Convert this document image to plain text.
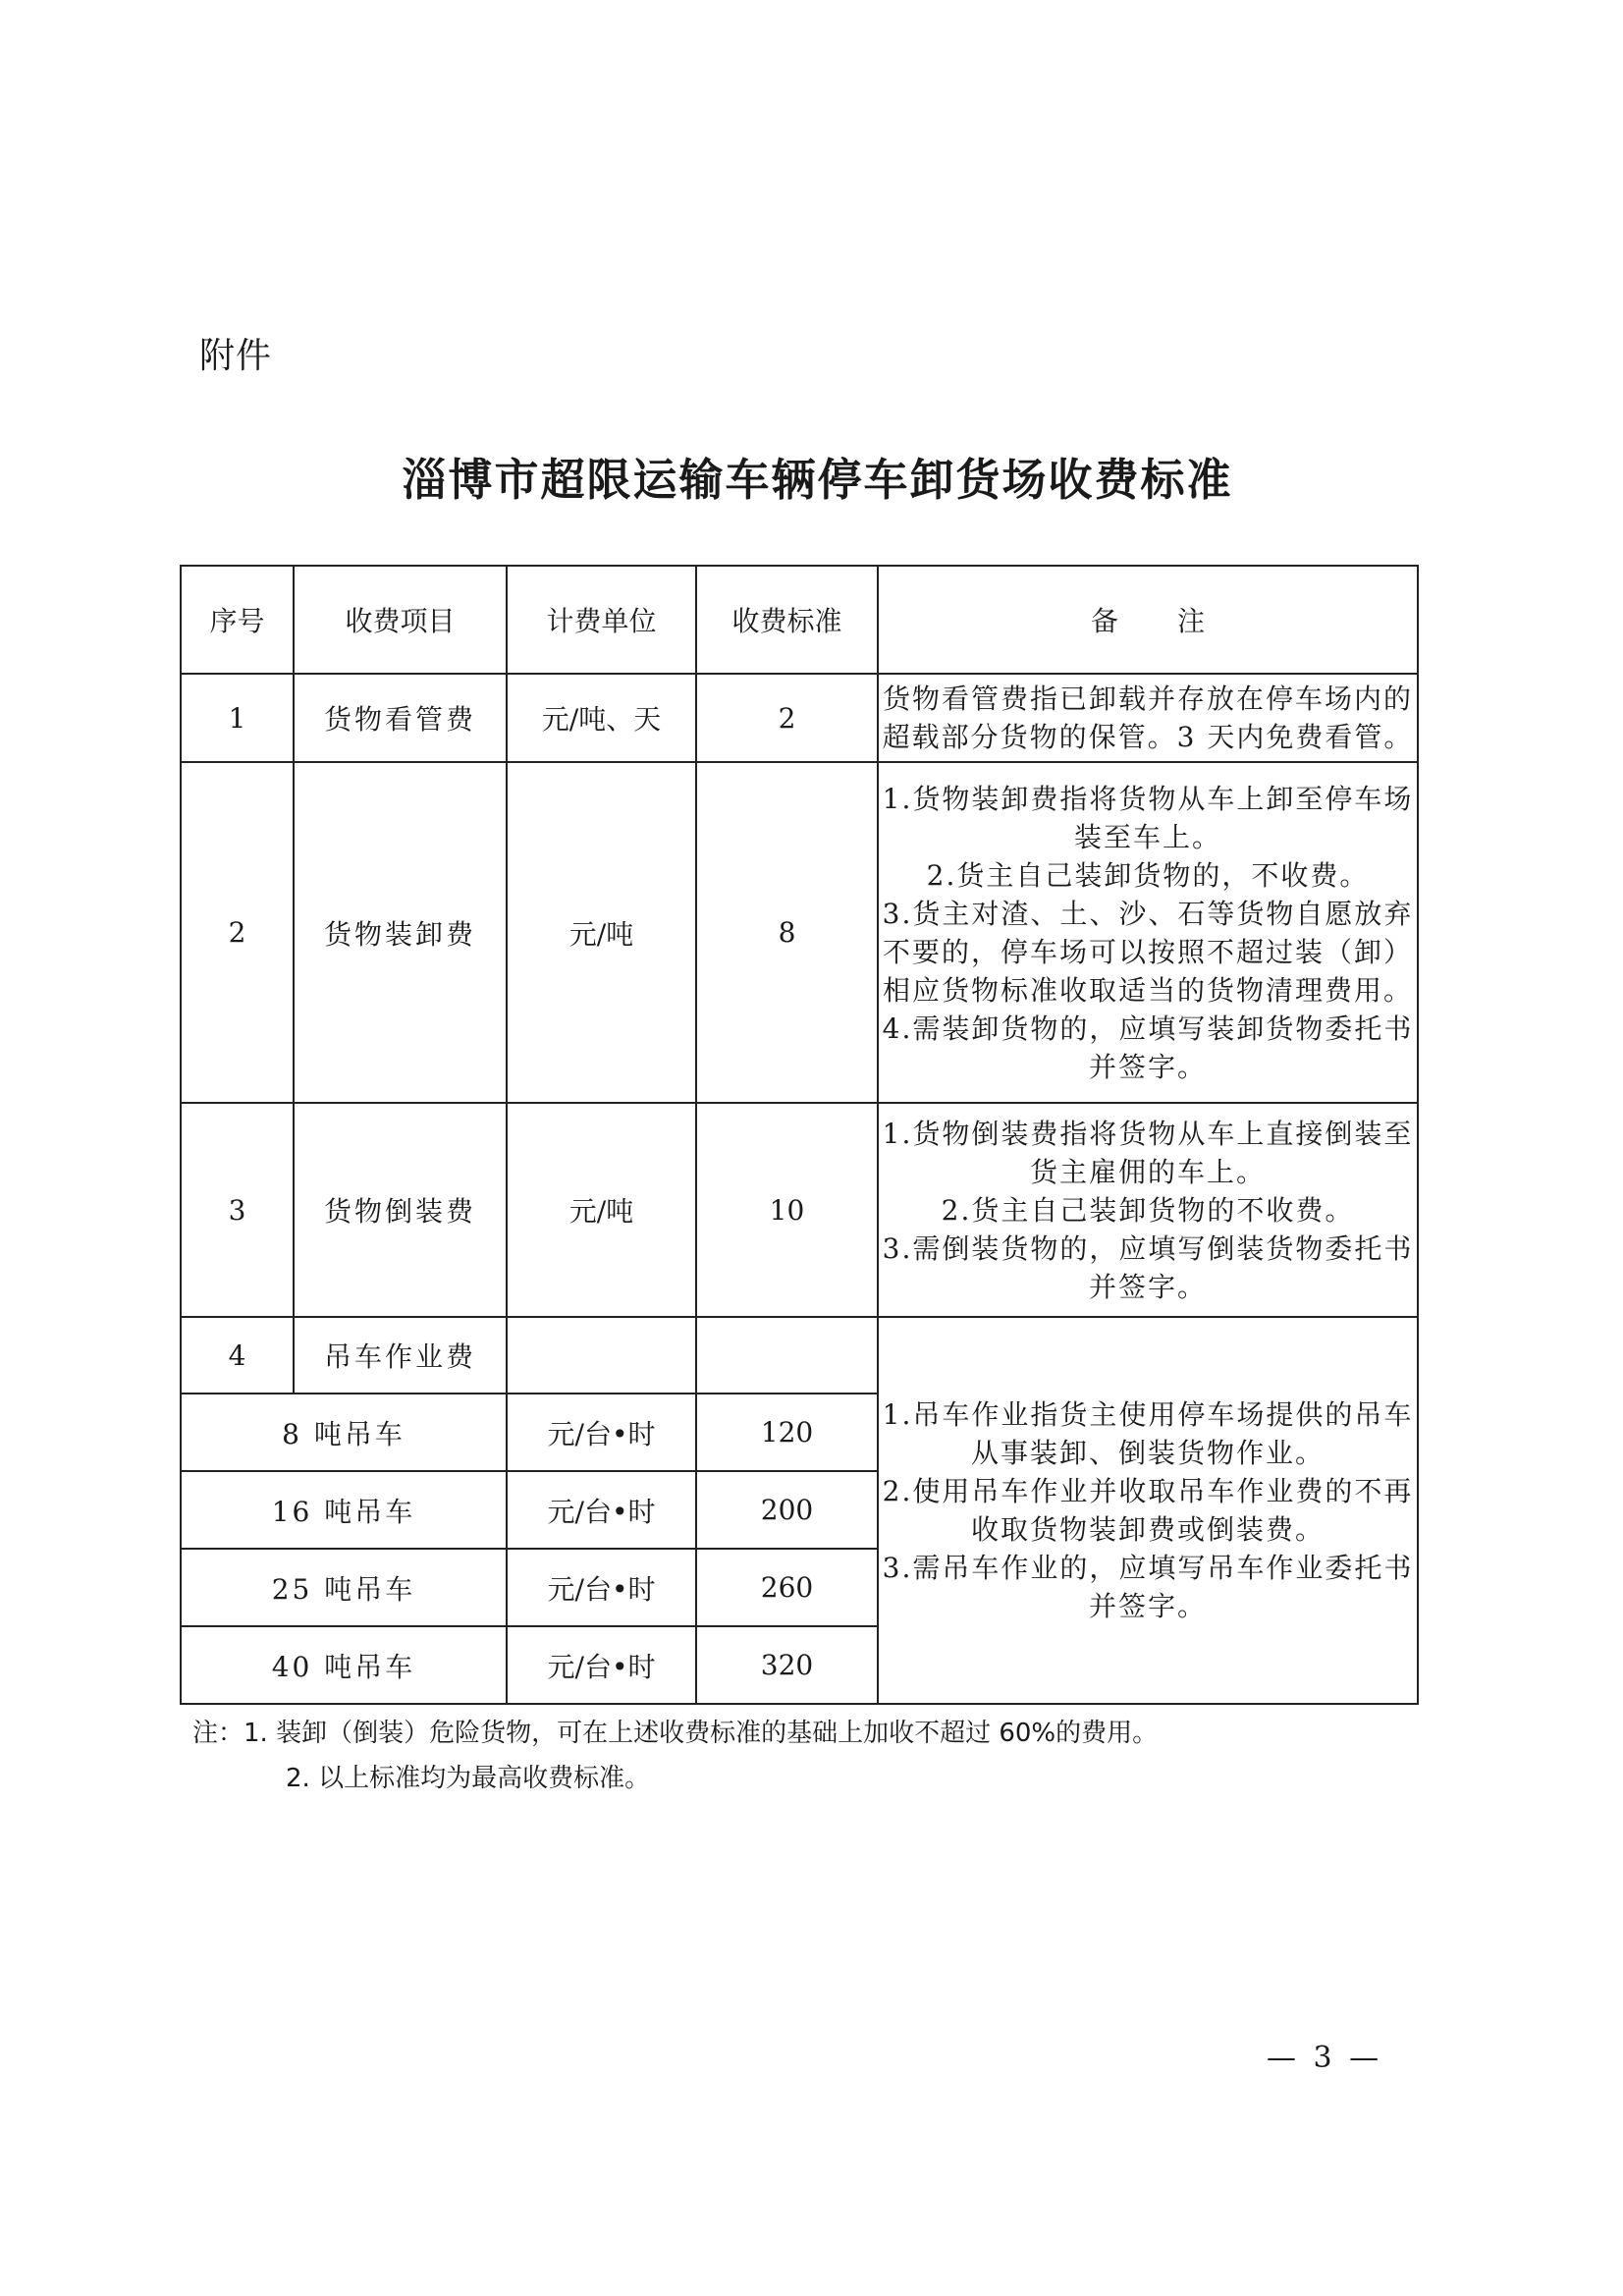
附件
淄博市超限运输车辆停车卸货场收费标准
序号	收费项目	计费单位	收费标准	备注
1	货物看管费	元/吨、天	2	货物看管费指已卸载并存放在停车场内的超载部分货物的保管。3 天内免费看管。

2	货物装卸费	元/吨	8	1.货物装卸费指将货物从车上卸至停车场装至车上。

2.货主自己装卸货物的，不收费。

3.货主对渣、土、沙、石等货物自愿放弃不要的，停车场可以按照不超过装（卸）相应货物标准收取适当的货物清理费用。

4.需装卸货物的，应填写装卸货物委托书并签字。

3	货物倒装费	元/吨	10	1.货物倒装费指将货物从车上直接倒装至货主雇佣的车上。

2.货主自己装卸货物的不收费。

3.需倒装货物的，应填写倒装货物委托书并签字。

4	吊车作业费			1.吊车作业指货主使用停车场提供的吊车从事装卸、倒装货物作业。

2.使用吊车作业并收取吊车作业费的不再收取货物装卸费或倒装费。

3.需吊车作业的，应填写吊车作业委托书并签字。

8 吨吊车		元/台•时	120	
16 吨吊车		元/台•时	200	
25 吨吊车		元/台•时	260	
40 吨吊车		元/台•时	320	
注：1. 装卸（倒装）危险货物，可在上述收费标准的基础上加收不超过 60%的费用。
2. 以上标准均为最高收费标准。
— 3 —
